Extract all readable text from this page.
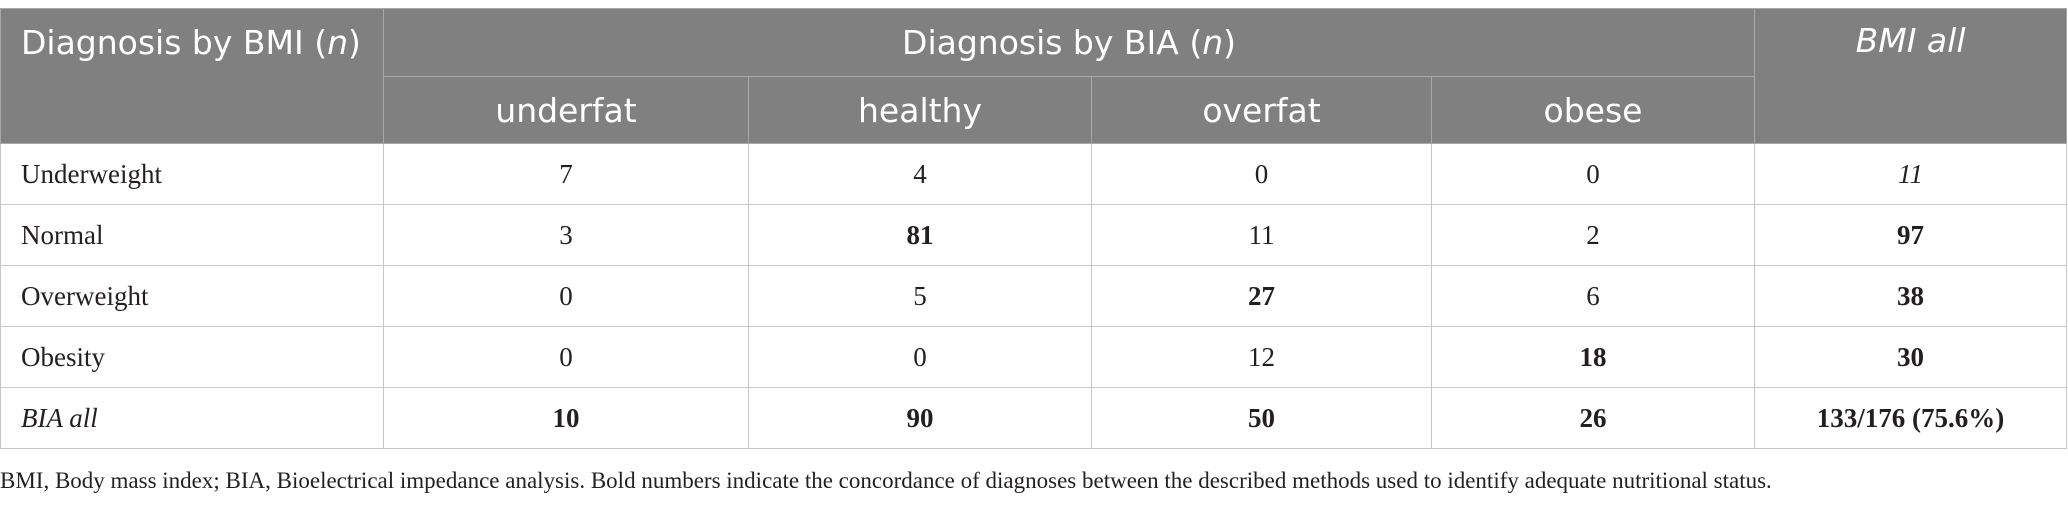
Diagnosis by BMI (n)	Diagnosis by BIA (n)				BMI all
	underfat	healthy	overfat	obese	
Underweight	7	4	0	0	11
Normal	3	81	11	2	97
Overweight	0	5	27	6	38
Obesity	0	0	12	18	30
BIA all	10	90	50	26	133/176 (75.6%)
BMI, Body mass index; BIA, Bioelectrical impedance analysis. Bold numbers indicate the concordance of diagnoses between the described methods used to identify adequate nutritional status.
